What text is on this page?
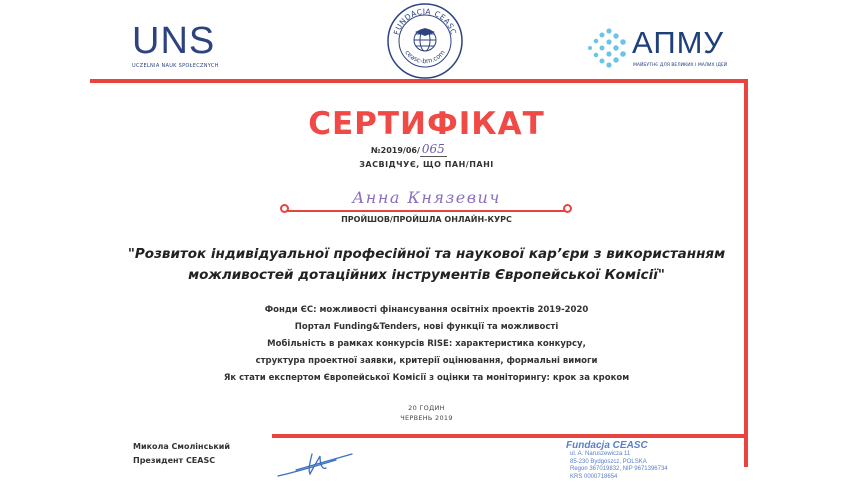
UNS
UCZELNIA NAUK SPOŁECZNYCH
FUNDACJA CEASC
ceasc-bm.com	АПМУ
МАЙБУТНЄ ДЛЯ ВЕЛИКИХ І МАЛИХ ІДЕЙ
СЕРТИФІКАТ
№2019/06/ 065
ЗАСВІДЧУЄ, ЩО ПАН/ПАНІ
Анна Князевич
ПРОЙШОВ/ПРОЙШЛА ОНЛАЙН-КУРС
"Розвиток індивідуальної професійної та наукової кар’єри з використанням
можливостей дотаційних інструментів Європейської Комісії"
Фонди ЄС: можливості фінансування освітніх проектів 2019-2020
Портал Funding&Tenders, нові функції та можливості
Мобільність в рамках конкурсів RISE: характеристика конкурсу,
структура проектної заявки, критерії оцінювання, формальні вимоги
Як стати експертом Європейської Комісії з оцінки та моніторингу: крок за кроком
20 ГОДИН
ЧЕРВЕНЬ 2019
Микола Смолінський
Президент CEASC
Fundacja CEASC
ul. A. Naruszewicza 11
85-230 Bydgoszcz, POLSKA
Regon 367019832, NIP 9671396734
KRS 0000718654
